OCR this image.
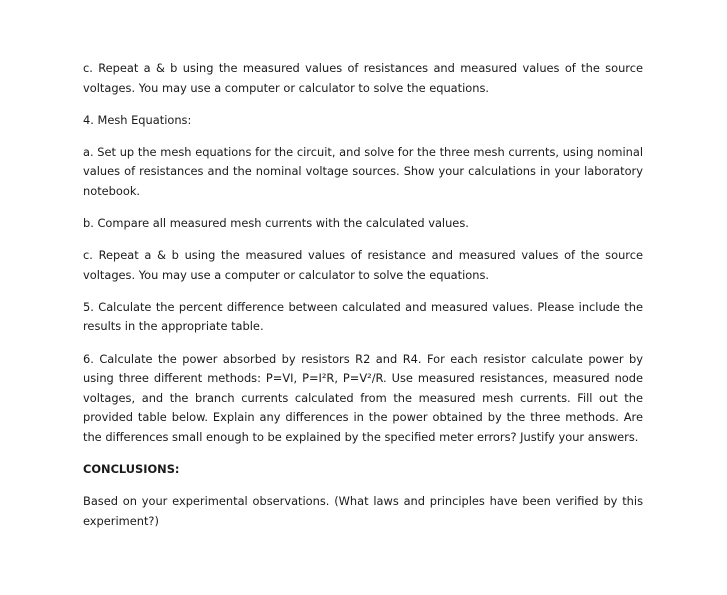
c. Repeat a & b using the measured values of resistances and measured values of the source voltages. You may use a computer or calculator to solve the equations.

4. Mesh Equations:

a. Set up the mesh equations for the circuit, and solve for the three mesh currents, using nominal values of resistances and the nominal voltage sources. Show your calculations in your laboratory notebook.

b. Compare all measured mesh currents with the calculated values.

c. Repeat a & b using the measured values of resistance and measured values of the source voltages. You may use a computer or calculator to solve the equations.

5. Calculate the percent difference between calculated and measured values. Please include the results in the appropriate table.

6. Calculate the power absorbed by resistors R2 and R4. For each resistor calculate power by using three different methods: P=VI, P=I²R, P=V²/R. Use measured resistances, measured node voltages, and the branch currents calculated from the measured mesh currents. Fill out the provided table below. Explain any differences in the power obtained by the three methods. Are the differences small enough to be explained by the specified meter errors? Justify your answers.

CONCLUSIONS:

Based on your experimental observations. (What laws and principles have been verified by this experiment?)
